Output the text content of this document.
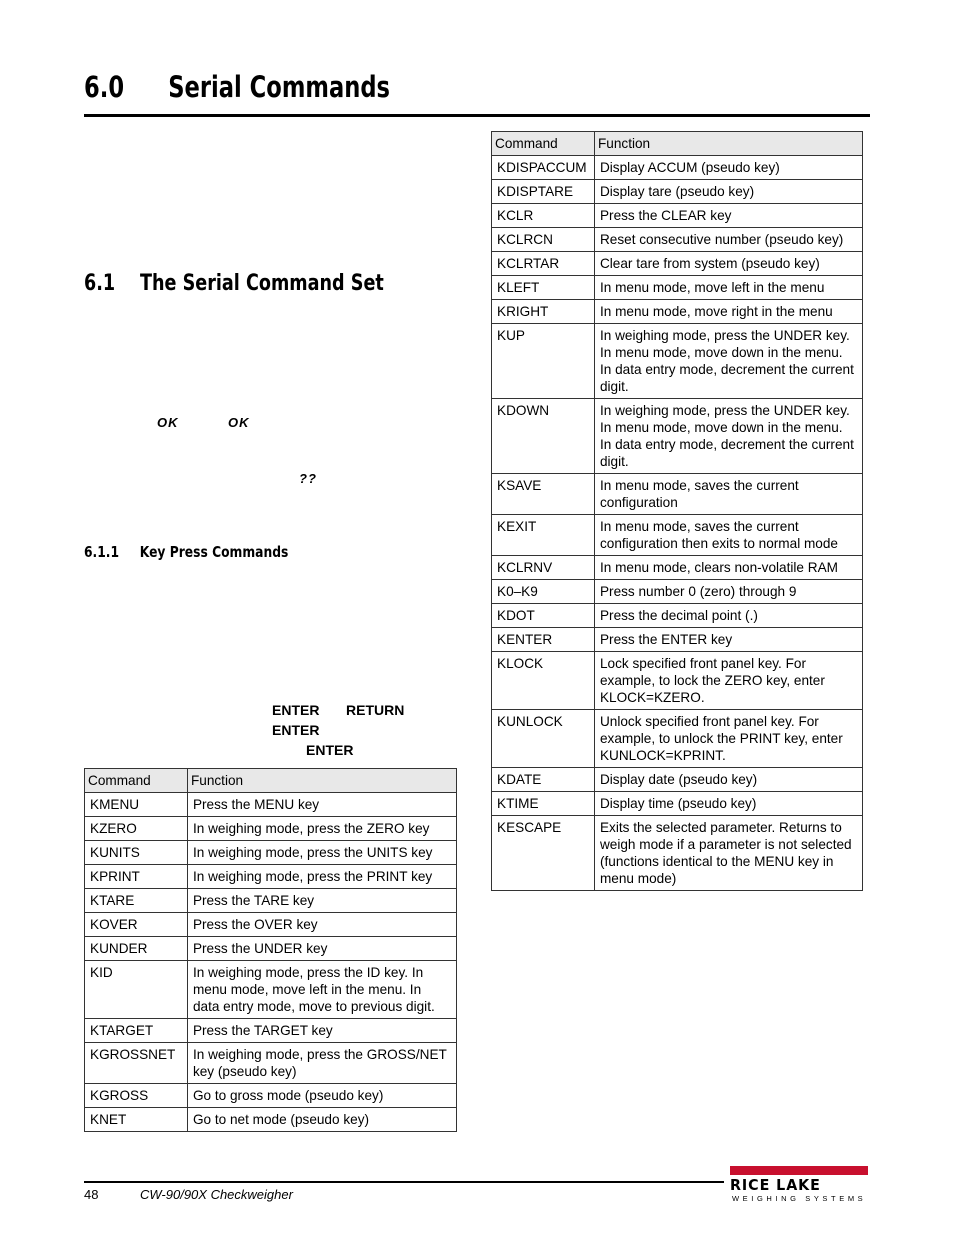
6.0 Serial Commands
6.1 The Serial Command Set
OK	OK
??
6.1.1 Key Press Commands
ENTER RETURN
ENTER
ENTER
Command	Function
KMENU	Press the MENU key
KZERO	In weighing mode, press the ZERO key
KUNITS	In weighing mode, press the UNITS key
KPRINT	In weighing mode, press the PRINT key
KTARE	Press the TARE key
KOVER	Press the OVER key
KUNDER	Press the UNDER key
KID	In weighing mode, press the ID key. In menu mode, move left in the menu. In data entry mode, move to previous digit.
KTARGET	Press the TARGET key
KGROSSNET	In weighing mode, press the GROSS/NET key (pseudo key)
KGROSS	Go to gross mode (pseudo key)
KNET	Go to net mode (pseudo key)
Command	Function
KDISPACCUM	Display ACCUM (pseudo key)
KDISPTARE	Display tare (pseudo key)
KCLR	Press the CLEAR key
KCLRCN	Reset consecutive number (pseudo key)
KCLRTAR	Clear tare from system (pseudo key)
KLEFT	In menu mode, move left in the menu
KRIGHT	In menu mode, move right in the menu
KUP	In weighing mode, press the UNDER key. In menu mode, move down in the menu. In data entry mode, decrement the current digit.
KDOWN	In weighing mode, press the UNDER key. In menu mode, move down in the menu. In data entry mode, decrement the current digit.
KSAVE	In menu mode, saves the current configuration
KEXIT	In menu mode, saves the current configuration then exits to normal mode
KCLRNV	In menu mode, clears non-volatile RAM
K0–K9	Press number 0 (zero) through 9
KDOT	Press the decimal point (.)
KENTER	Press the ENTER key
KLOCK	Lock specified front panel key. For example, to lock the ZERO key, enter KLOCK=KZERO.
KUNLOCK	Unlock specified front panel key. For example, to unlock the PRINT key, enter KUNLOCK=KPRINT.
KDATE	Display date (pseudo key)
KTIME	Display time (pseudo key)
KESCAPE	Exits the selected parameter. Returns to weigh mode if a parameter is not selected (functions identical to the MENU key in menu mode)
48	CW-90/90X Checkweigher
RICE LAKE
WEIGHING SYSTEMS
